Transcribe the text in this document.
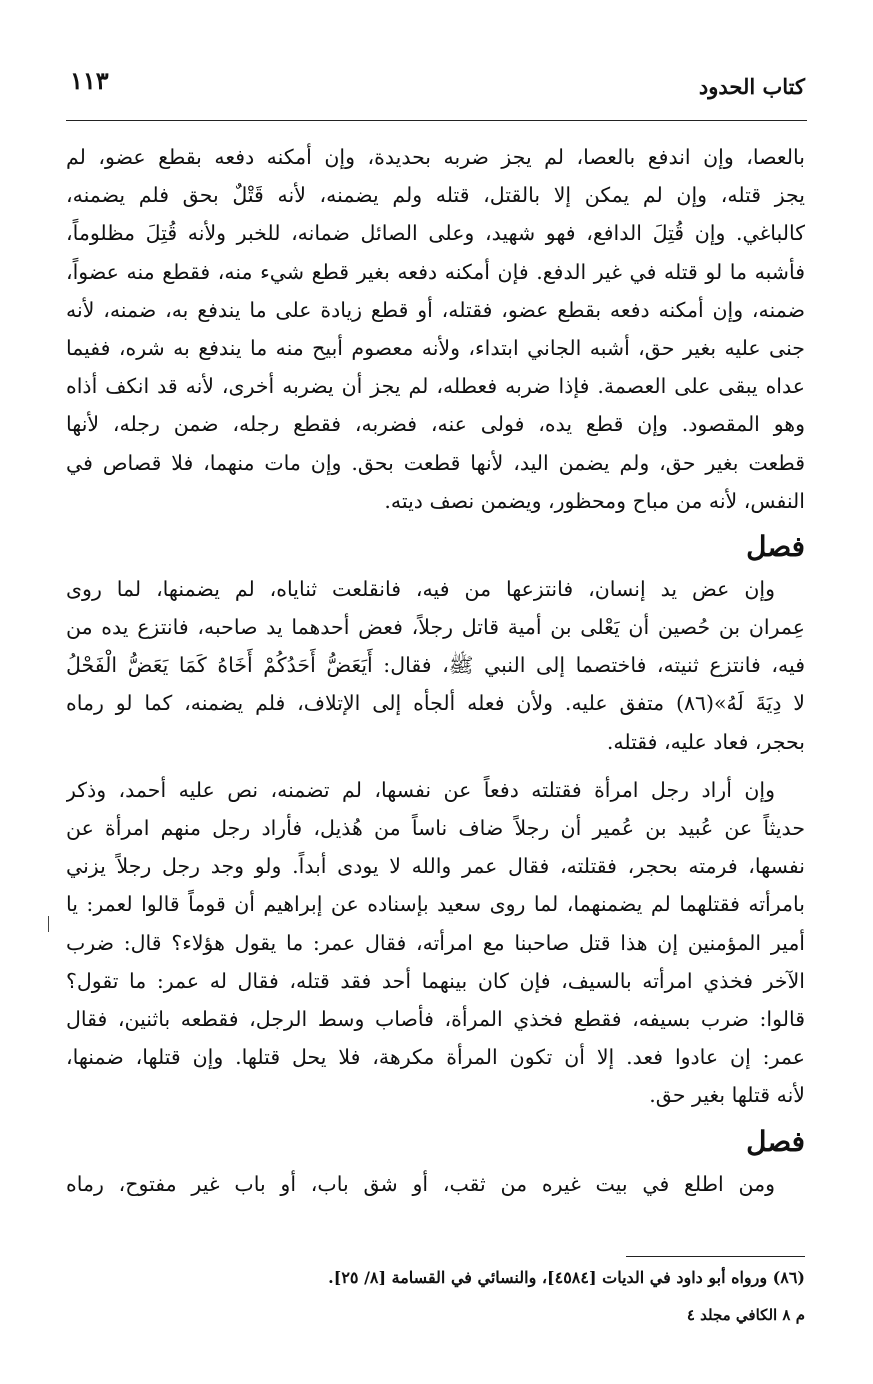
كتاب الحدود
١١٣
بالعصا، وإن اندفع بالعصا، لم يجز ضربه بحديدة، وإن أمكنه دفعه بقطع عضو، لم
يجز قتله، وإن لم يمكن إلا بالقتل، قتله ولم يضمنه، لأنه قَتْلٌ بحق فلم يضمنه،
كالباغي. وإن قُتِلَ الدافع، فهو شهيد، وعلى الصائل ضمانه، للخبر ولأنه قُتِلَ مظلوماً،
فأشبه ما لو قتله في غير الدفع. فإن أمكنه دفعه بغير قطع شيء منه، فقطع منه عضواً،
ضمنه، وإن أمكنه دفعه بقطع عضو، فقتله، أو قطع زيادة على ما يندفع به، ضمنه، لأنه
جنى عليه بغير حق، أشبه الجاني ابتداء، ولأنه معصوم أبيح منه ما يندفع به شره، ففيما
عداه يبقى على العصمة. فإذا ضربه فعطله، لم يجز أن يضربه أخرى، لأنه قد انكف أذاه
وهو المقصود. وإن قطع يده، فولى عنه، فضربه، فقطع رجله، ضمن رجله، لأنها
قطعت بغير حق، ولم يضمن اليد، لأنها قطعت بحق. وإن مات منهما، فلا قصاص في
النفس، لأنه من مباح ومحظور، ويضمن نصف ديته.
فصل
وإن عض يد إنسان، فانتزعها من فيه، فانقلعت ثناياه، لم يضمنها، لما روى
عِمران بن حُصين أن يَعْلى بن أمية قاتل رجلاً، فعض أحدهما يد صاحبه، فانتزع يده من
فيه، فانتزع ثنيته، فاختصما إلى النبي ﷺ، فقال: أَيَعَضُّ أَحَدُكُمْ أَخَاهُ كَمَا يَعَضُّ الْفَحْلُ
لا دِيَةَ لَهُ»(٨٦) متفق عليه. ولأن فعله ألجأه إلى الإتلاف، فلم يضمنه، كما لو رماه
بحجر، فعاد عليه، فقتله.
وإن أراد رجل امرأة فقتلته دفعاً عن نفسها، لم تضمنه، نص عليه أحمد، وذكر
حديثاً عن عُبيد بن عُمير أن رجلاً ضاف ناساً من هُذيل، فأراد رجل منهم امرأة عن
نفسها، فرمته بحجر، فقتلته، فقال عمر والله لا يودى أبداً. ولو وجد رجل رجلاً يزني
بامرأته فقتلهما لم يضمنهما، لما روى سعيد بإسناده عن إبراهيم أن قوماً قالوا لعمر: يا
أمير المؤمنين إن هذا قتل صاحبنا مع امرأته، فقال عمر: ما يقول هؤلاء؟ قال: ضرب
الآخر فخذي امرأته بالسيف، فإن كان بينهما أحد فقد قتله، فقال له عمر: ما تقول؟
قالوا: ضرب بسيفه، فقطع فخذي المرأة، فأصاب وسط الرجل، فقطعه باثنين، فقال
عمر: إن عادوا فعد. إلا أن تكون المرأة مكرهة، فلا يحل قتلها. وإن قتلها، ضمنها،
لأنه قتلها بغير حق.
فصل
ومن اطلع في بيت غيره من ثقب، أو شق باب، أو باب غير مفتوح، رماه
(٨٦) ورواه أبو داود في الديات [٤٥٨٤]، والنسائي في القسامة [٨/ ٢٥].
م ٨ الكافي مجلد ٤
